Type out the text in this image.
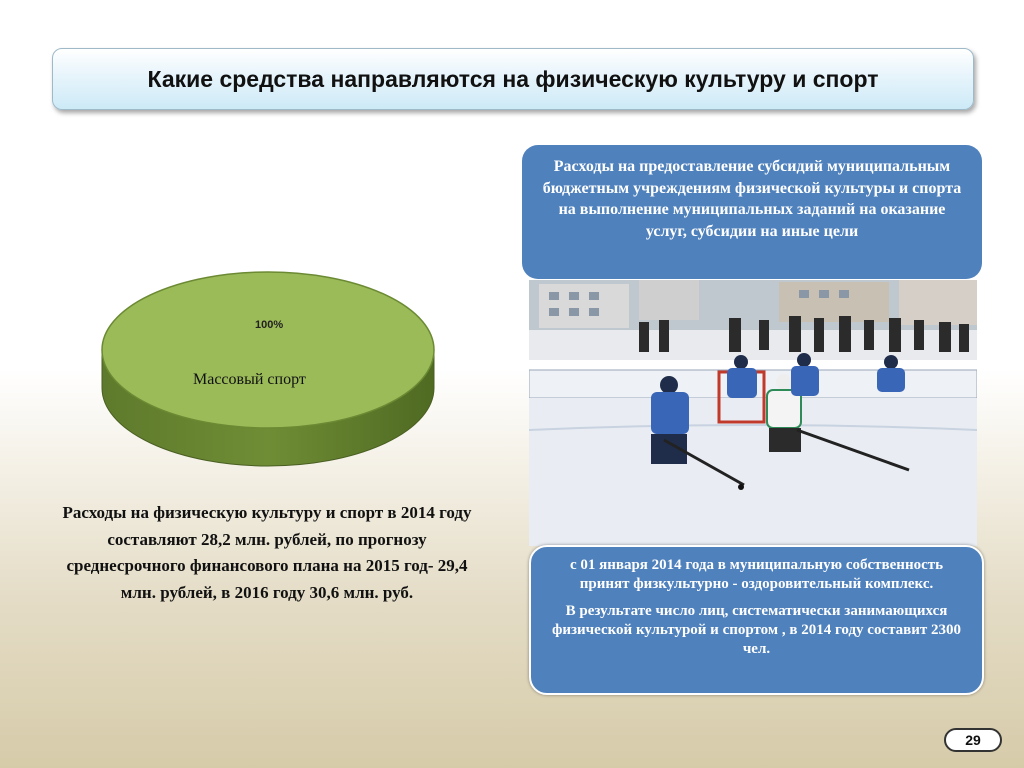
Какие средства направляются на физическую культуру и спорт
100%
Массовый спорт
Расходы на физическую культуру и спорт в 2014 году составляют 28,2 млн. рублей, по прогнозу среднесрочного финансового плана на 2015 год- 29,4 млн. рублей, в 2016 году 30,6 млн. руб.
Расходы на предоставление субсидий муниципальным бюджетным учреждениям физической культуры и спорта на выполнение муниципальных заданий на оказание услуг, субсидии на иные цели

с 01 января 2014 года в муниципальную собственность принят физкультурно - оздоровительный комплекс.

В результате число лиц, систематически занимающихся физической культурой и спортом , в 2014 году составит 2300 чел.

29
